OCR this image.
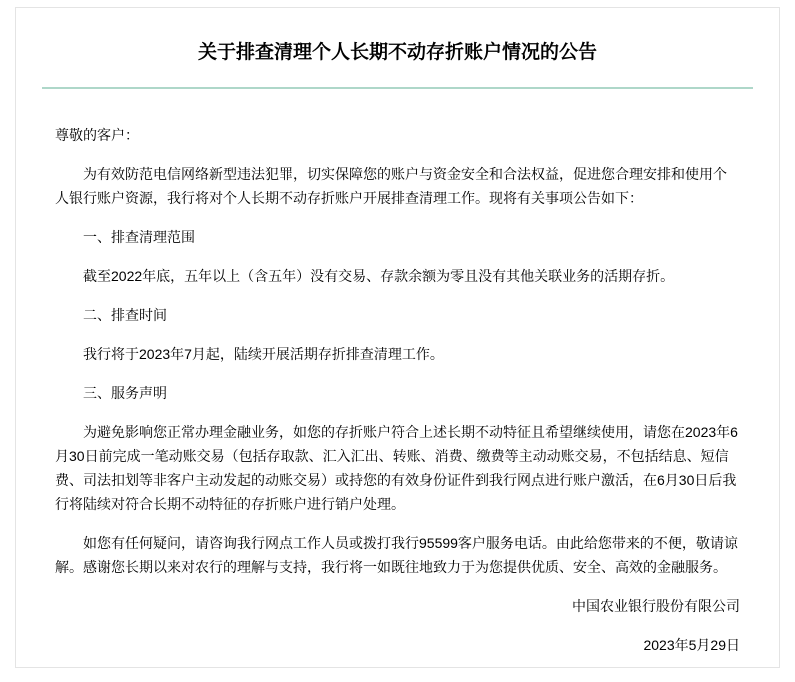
关于排查清理个人长期不动存折账户情况的公告

尊敬的客户：

为有效防范电信网络新型违法犯罪，切实保障您的账户与资金安全和合法权益，促进您合理安排和使用个人银行账户资源，我行将对个人长期不动存折账户开展排查清理工作。现将有关事项公告如下：

一、排查清理范围

截至2022年底，五年以上（含五年）没有交易、存款余额为零且没有其他关联业务的活期存折。

二、排查时间

我行将于2023年7月起，陆续开展活期存折排查清理工作。

三、服务声明

为避免影响您正常办理金融业务，如您的存折账户符合上述长期不动特征且希望继续使用，请您在2023年6月30日前完成一笔动账交易（包括存取款、汇入汇出、转账、消费、缴费等主动动账交易，不包括结息、短信费、司法扣划等非客户主动发起的动账交易）或持您的有效身份证件到我行网点进行账户激活，在6月30日后我行将陆续对符合长期不动特征的存折账户进行销户处理。

如您有任何疑问，请咨询我行网点工作人员或拨打我行95599客户服务电话。由此给您带来的不便，敬请谅解。感谢您长期以来对农行的理解与支持，我行将一如既往地致力于为您提供优质、安全、高效的金融服务。

中国农业银行股份有限公司

2023年5月29日
